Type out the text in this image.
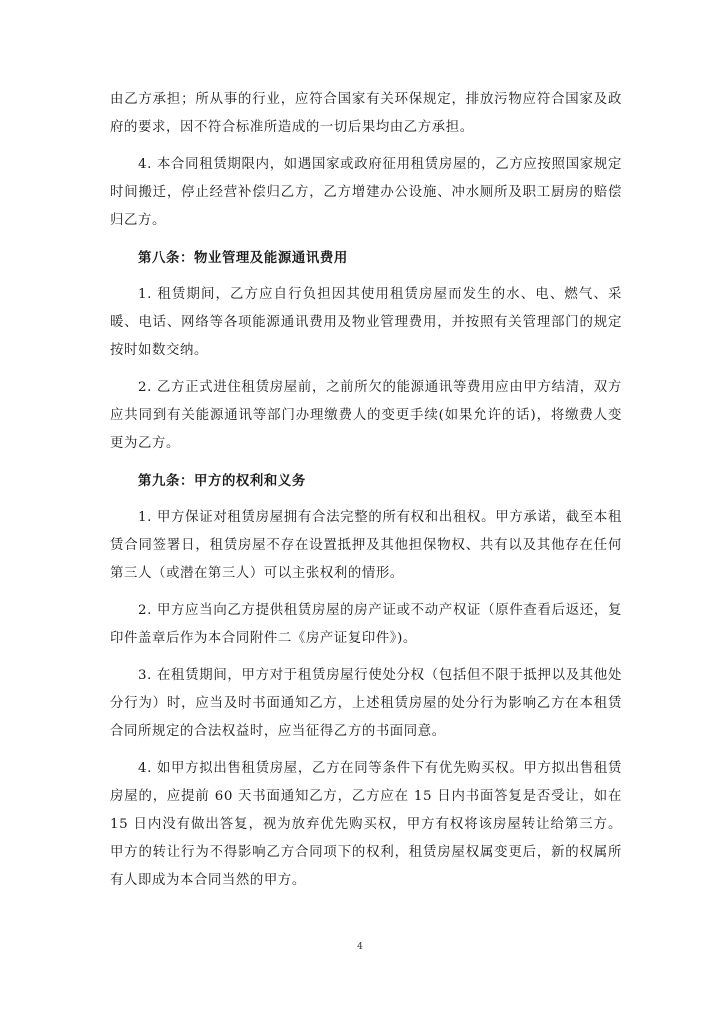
由乙方承担；所从事的行业，应符合国家有关环保规定，排放污物应符合国家及政府的要求，因不符合标准所造成的一切后果均由乙方承担。

4. 本合同租赁期限内，如遇国家或政府征用租赁房屋的，乙方应按照国家规定时间搬迁，停止经营补偿归乙方，乙方增建办公设施、冲水厕所及职工厨房的赔偿归乙方。

第八条：物业管理及能源通讯费用

1. 租赁期间，乙方应自行负担因其使用租赁房屋而发生的水、电、燃气、采暖、电话、网络等各项能源通讯费用及物业管理费用，并按照有关管理部门的规定按时如数交纳。

2. 乙方正式进住租赁房屋前，之前所欠的能源通讯等费用应由甲方结清，双方应共同到有关能源通讯等部门办理缴费人的变更手续(如果允许的话)，将缴费人变更为乙方。

第九条：甲方的权利和义务

1. 甲方保证对租赁房屋拥有合法完整的所有权和出租权。甲方承诺，截至本租赁合同签署日，租赁房屋不存在设置抵押及其他担保物权、共有以及其他存在任何第三人（或潜在第三人）可以主张权利的情形。

2. 甲方应当向乙方提供租赁房屋的房产证或不动产权证（原件查看后返还，复印件盖章后作为本合同附件二《房产证复印件》)。

3. 在租赁期间，甲方对于租赁房屋行使处分权（包括但不限于抵押以及其他处分行为）时，应当及时书面通知乙方，上述租赁房屋的处分行为影响乙方在本租赁合同所规定的合法权益时，应当征得乙方的书面同意。

4. 如甲方拟出售租赁房屋，乙方在同等条件下有优先购买权。甲方拟出售租赁房屋的，应提前 60 天书面通知乙方，乙方应在 15 日内书面答复是否受让，如在 15 日内没有做出答复，视为放弃优先购买权，甲方有权将该房屋转让给第三方。甲方的转让行为不得影响乙方合同项下的权利，租赁房屋权属变更后，新的权属所有人即成为本合同当然的甲方。

4
